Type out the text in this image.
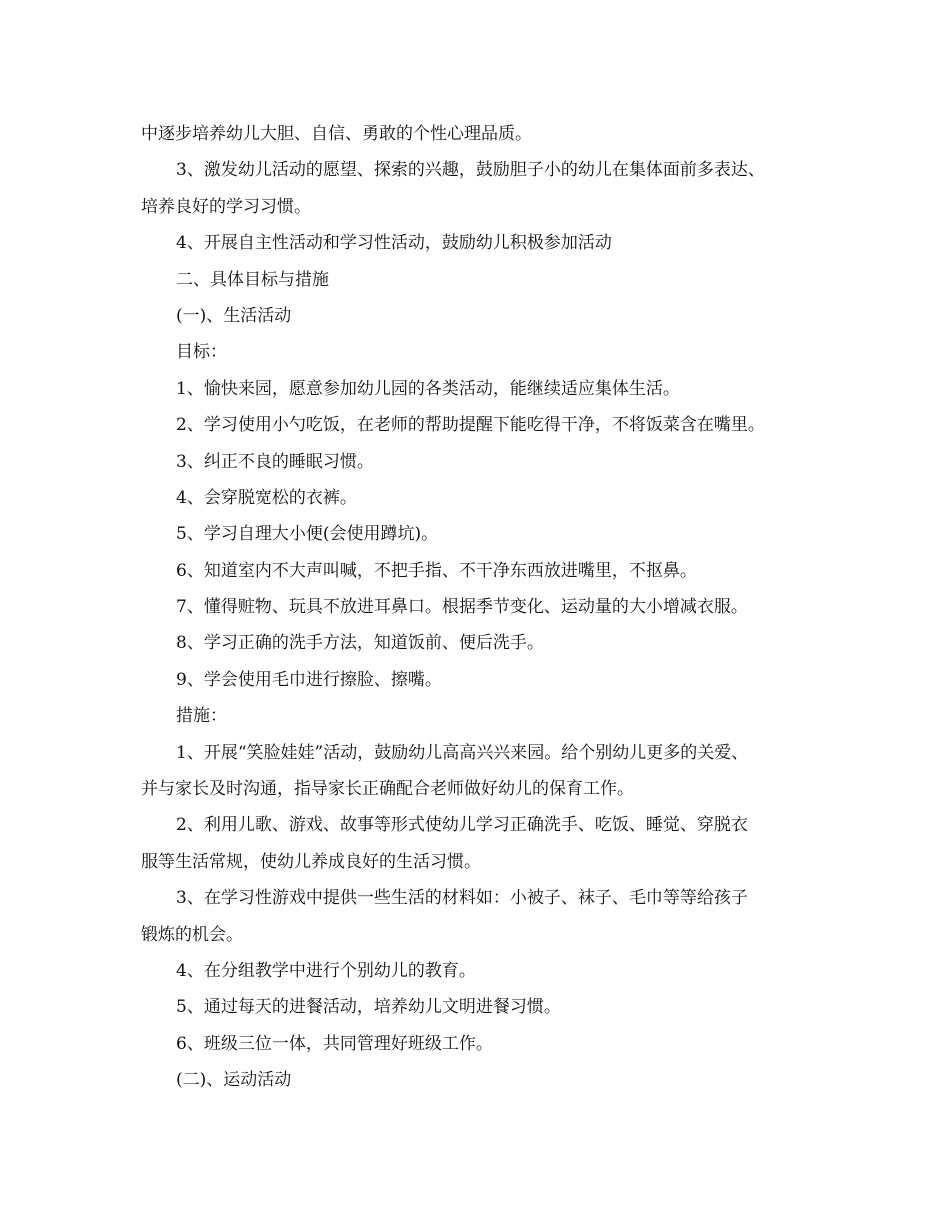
中逐步培养幼儿大胆、自信、勇敢的个性心理品质。
3、激发幼儿活动的愿望、探索的兴趣，鼓励胆子小的幼儿在集体面前多表达、
培养良好的学习习惯。
4、开展自主性活动和学习性活动，鼓励幼儿积极参加活动
二、具体目标与措施
(一)、生活活动
目标：
1、愉快来园，愿意参加幼儿园的各类活动，能继续适应集体生活。
2、学习使用小勺吃饭，在老师的帮助提醒下能吃得干净，不将饭菜含在嘴里。
3、纠正不良的睡眠习惯。
4、会穿脱宽松的衣裤。
5、学习自理大小便(会使用蹲坑)。
6、知道室内不大声叫喊，不把手指、不干净东西放进嘴里，不抠鼻。
7、懂得赃物、玩具不放进耳鼻口。根据季节变化、运动量的大小增减衣服。
8、学习正确的洗手方法，知道饭前、便后洗手。
9、学会使用毛巾进行擦脸、擦嘴。
措施：
1、开展“笑脸娃娃”活动，鼓励幼儿高高兴兴来园。给个别幼儿更多的关爱、
并与家长及时沟通，指导家长正确配合老师做好幼儿的保育工作。
2、利用儿歌、游戏、故事等形式使幼儿学习正确洗手、吃饭、睡觉、穿脱衣
服等生活常规，使幼儿养成良好的生活习惯。
3、在学习性游戏中提供一些生活的材料如：小被子、袜子、毛巾等等给孩子
锻炼的机会。
4、在分组教学中进行个别幼儿的教育。
5、通过每天的进餐活动，培养幼儿文明进餐习惯。
6、班级三位一体，共同管理好班级工作。
(二)、运动活动
